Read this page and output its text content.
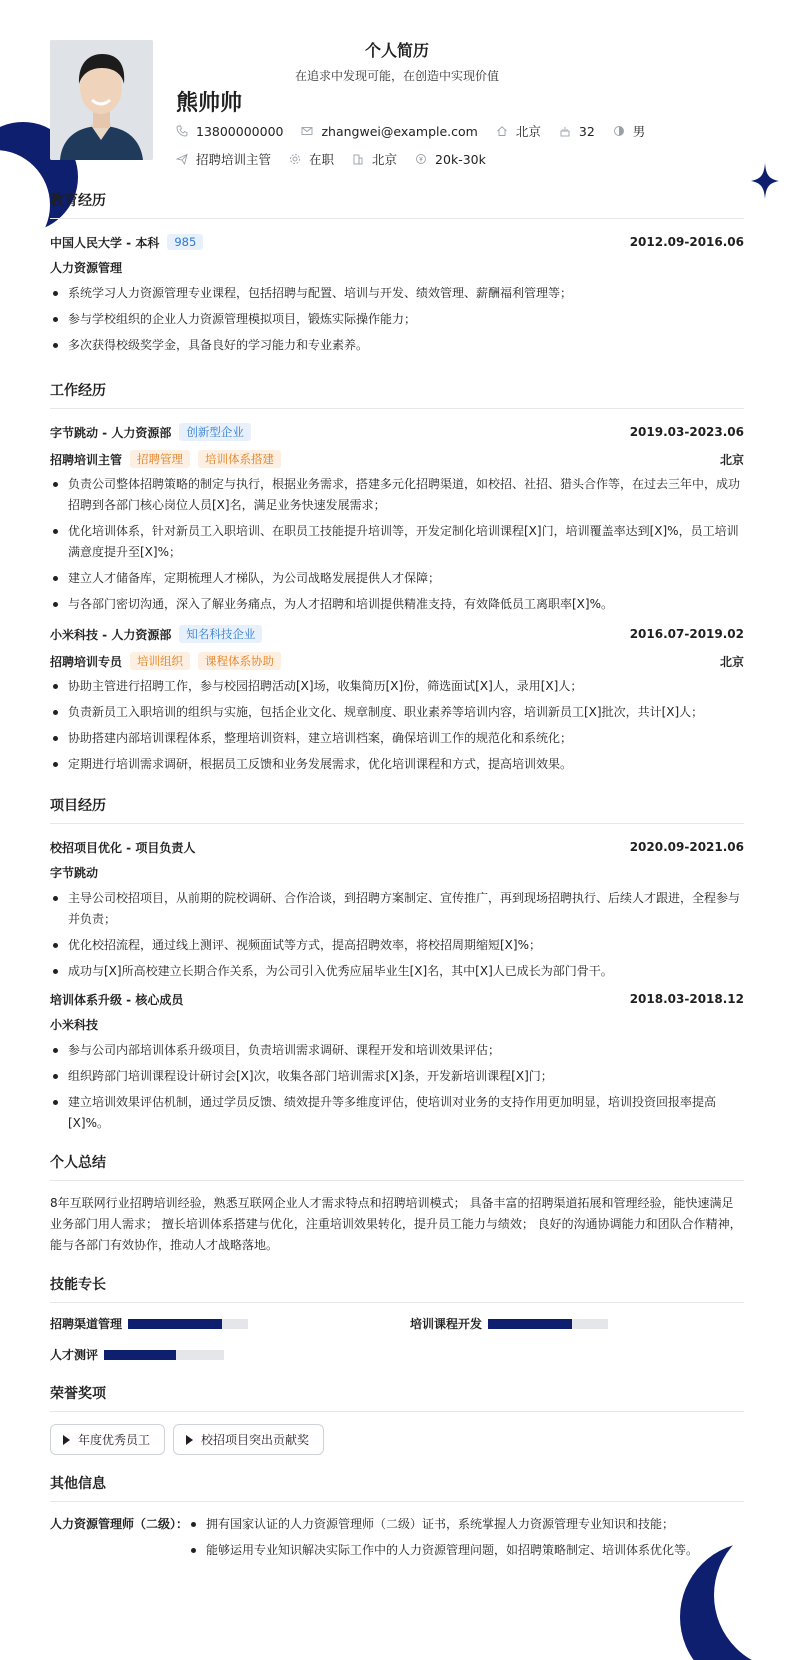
个人简历
在追求中发现可能，在创造中实现价值
熊帅帅
13800000000	zhangwei@example.com	北京	32	男
招聘培训主管	在职	北京	20k-30k
教育经历
中国人民大学 - 本科	985	2012.09-2016.06
人力资源管理
系统学习人力资源管理专业课程，包括招聘与配置、培训与开发、绩效管理、薪酬福利管理等；
参与学校组织的企业人力资源管理模拟项目，锻炼实际操作能力；
多次获得校级奖学金，具备良好的学习能力和专业素养。
工作经历
字节跳动 - 人力资源部	创新型企业	2019.03-2023.06
招聘培训主管	招聘管理	培训体系搭建	北京
负责公司整体招聘策略的制定与执行，根据业务需求，搭建多元化招聘渠道，如校招、社招、猎头合作等，在过去三年中，成功招聘到各部门核心岗位人员[X]名，满足业务快速发展需求；
优化培训体系，针对新员工入职培训、在职员工技能提升培训等，开发定制化培训课程[X]门，培训覆盖率达到[X]%，员工培训满意度提升至[X]%；
建立人才储备库，定期梳理人才梯队，为公司战略发展提供人才保障；
与各部门密切沟通，深入了解业务痛点，为人才招聘和培训提供精准支持，有效降低员工离职率[X]%。
小米科技 - 人力资源部	知名科技企业	2016.07-2019.02
招聘培训专员	培训组织	课程体系协助	北京
协助主管进行招聘工作，参与校园招聘活动[X]场，收集简历[X]份，筛选面试[X]人，录用[X]人；
负责新员工入职培训的组织与实施，包括企业文化、规章制度、职业素养等培训内容，培训新员工[X]批次，共计[X]人；
协助搭建内部培训课程体系，整理培训资料，建立培训档案，确保培训工作的规范化和系统化；
定期进行培训需求调研，根据员工反馈和业务发展需求，优化培训课程和方式，提高培训效果。
项目经历
校招项目优化 - 项目负责人	2020.09-2021.06
字节跳动
主导公司校招项目，从前期的院校调研、合作洽谈，到招聘方案制定、宣传推广，再到现场招聘执行、后续人才跟进，全程参与并负责；
优化校招流程，通过线上测评、视频面试等方式，提高招聘效率，将校招周期缩短[X]%；
成功与[X]所高校建立长期合作关系，为公司引入优秀应届毕业生[X]名，其中[X]人已成长为部门骨干。
培训体系升级 - 核心成员	2018.03-2018.12
小米科技
参与公司内部培训体系升级项目，负责培训需求调研、课程开发和培训效果评估；
组织跨部门培训课程设计研讨会[X]次，收集各部门培训需求[X]条，开发新培训课程[X]门；
建立培训效果评估机制，通过学员反馈、绩效提升等多维度评估，使培训对业务的支持作用更加明显，培训投资回报率提高[X]%。
个人总结
8年互联网行业招聘培训经验，熟悉互联网企业人才需求特点和招聘培训模式； 具备丰富的招聘渠道拓展和管理经验，能快速满足业务部门用人需求； 擅长培训体系搭建与优化，注重培训效果转化，提升员工能力与绩效； 良好的沟通协调能力和团队合作精神，能与各部门有效协作，推动人才战略落地。
技能专长
招聘渠道管理	培训课程开发
人才测评
荣誉奖项
年度优秀员工	校招项目突出贡献奖
其他信息
人力资源管理师（二级）：	拥有国家认证的人力资源管理师（二级）证书，系统掌握人力资源管理专业知识和技能；
能够运用专业知识解决实际工作中的人力资源管理问题，如招聘策略制定、培训体系优化等。
